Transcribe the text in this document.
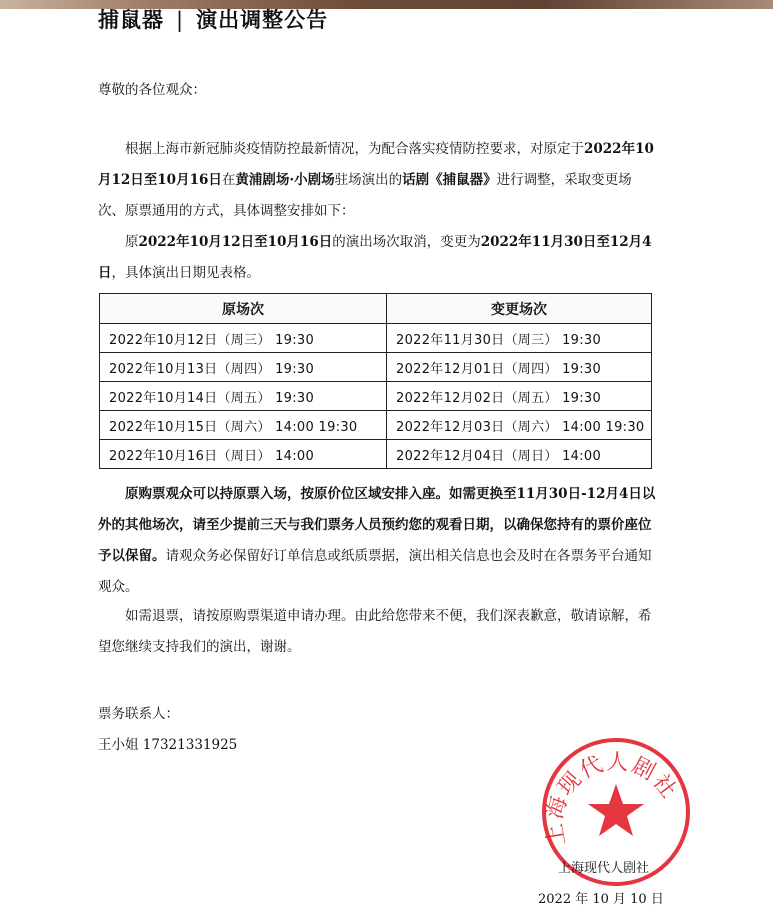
捕鼠器 | 演出调整公告
尊敬的各位观众：

根据上海市新冠肺炎疫情防控最新情况，为配合落实疫情防控要求，对原定于2022年10月12日至10月16日在黄浦剧场·小剧场驻场演出的话剧《捕鼠器》进行调整，采取变更场次、原票通用的方式，具体调整安排如下：

原2022年10月12日至10月16日的演出场次取消，变更为2022年11月30日至12月4日，具体演出日期见表格。

原场次	变更场次
2022年10月12日（周三） 19:30	2022年11月30日（周三） 19:30
2022年10月13日（周四） 19:30	2022年12月01日（周四） 19:30
2022年10月14日（周五） 19:30	2022年12月02日（周五） 19:30
2022年10月15日（周六） 14:00 19:30	2022年12月03日（周六） 14:00 19:30
2022年10月16日（周日） 14:00	2022年12月04日（周日） 14:00

原购票观众可以持原票入场，按原价位区域安排入座。如需更换至11月30日-12月4日以外的其他场次，请至少提前三天与我们票务人员预约您的观看日期，以确保您持有的票价座位予以保留。请观众务必保留好订单信息或纸质票据，演出相关信息也会及时在各票务平台通知观众。

如需退票，请按原购票渠道申请办理。由此给您带来不便，我们深表歉意，敬请谅解，希望您继续支持我们的演出，谢谢。

票务联系人：
王小姐 17321331925
上海现代人剧社
上海现代人剧社
2022 年 10 月 10 日
